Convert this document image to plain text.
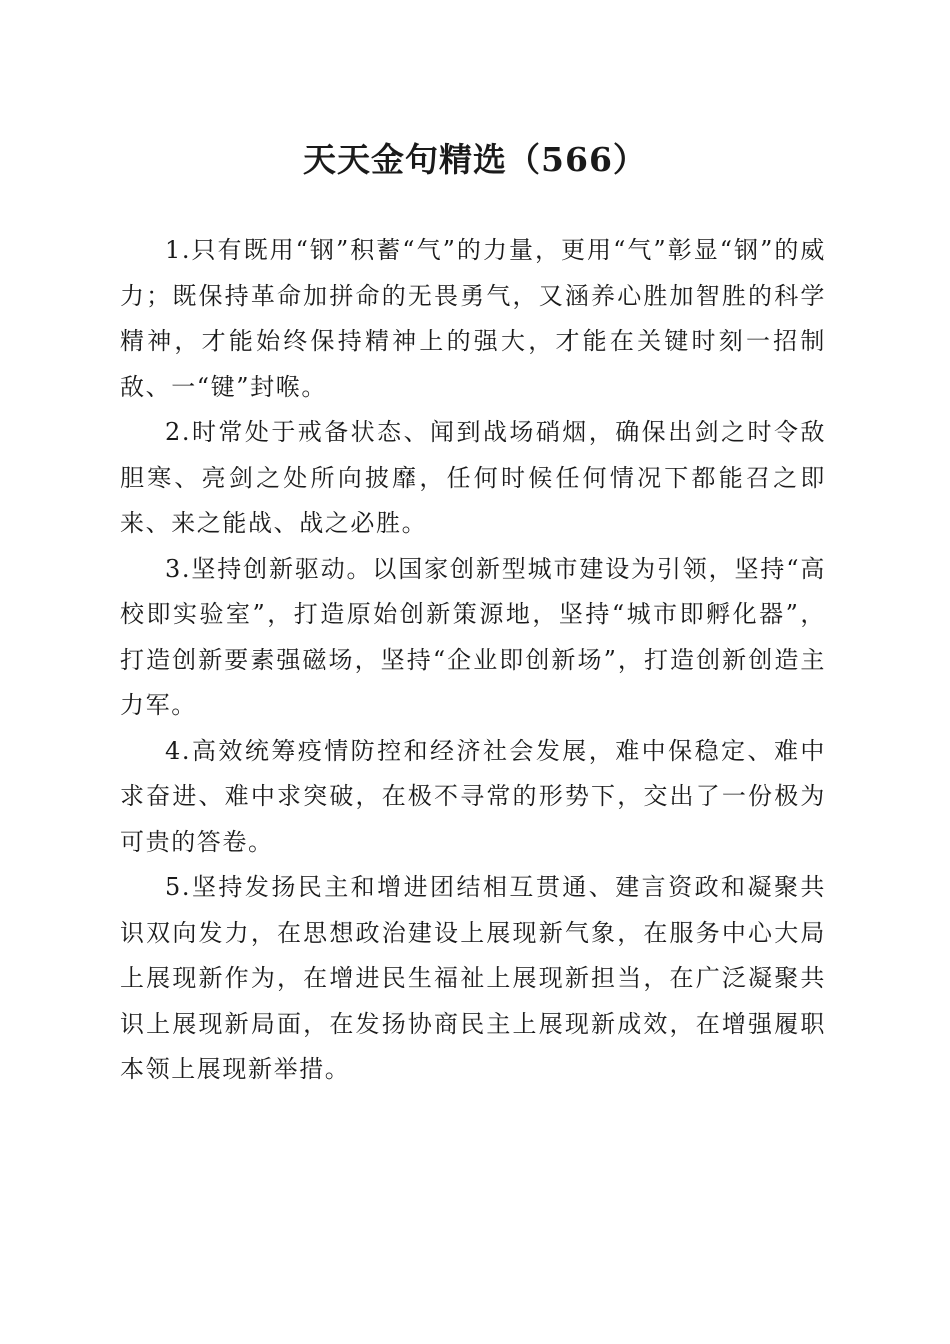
天天金句精选（566）

1.只有既用“钢”积蓄“气”的力量，更用“气”彰显“钢”的威力；既保持革命加拼命的无畏勇气，又涵养心胜加智胜的科学精神，才能始终保持精神上的强大，才能在关键时刻一招制敌、一“键”封喉。

2.时常处于戒备状态、闻到战场硝烟，确保出剑之时令敌胆寒、亮剑之处所向披靡，任何时候任何情况下都能召之即来、来之能战、战之必胜。

3.坚持创新驱动。以国家创新型城市建设为引领，坚持“高校即实验室”，打造原始创新策源地，坚持“城市即孵化器”，打造创新要素强磁场，坚持“企业即创新场”，打造创新创造主力军。

4.高效统筹疫情防控和经济社会发展，难中保稳定、难中求奋进、难中求突破，在极不寻常的形势下，交出了一份极为可贵的答卷。

5.坚持发扬民主和增进团结相互贯通、建言资政和凝聚共识双向发力，在思想政治建设上展现新气象，在服务中心大局上展现新作为，在增进民生福祉上展现新担当，在广泛凝聚共识上展现新局面，在发扬协商民主上展现新成效，在增强履职本领上展现新举措。
